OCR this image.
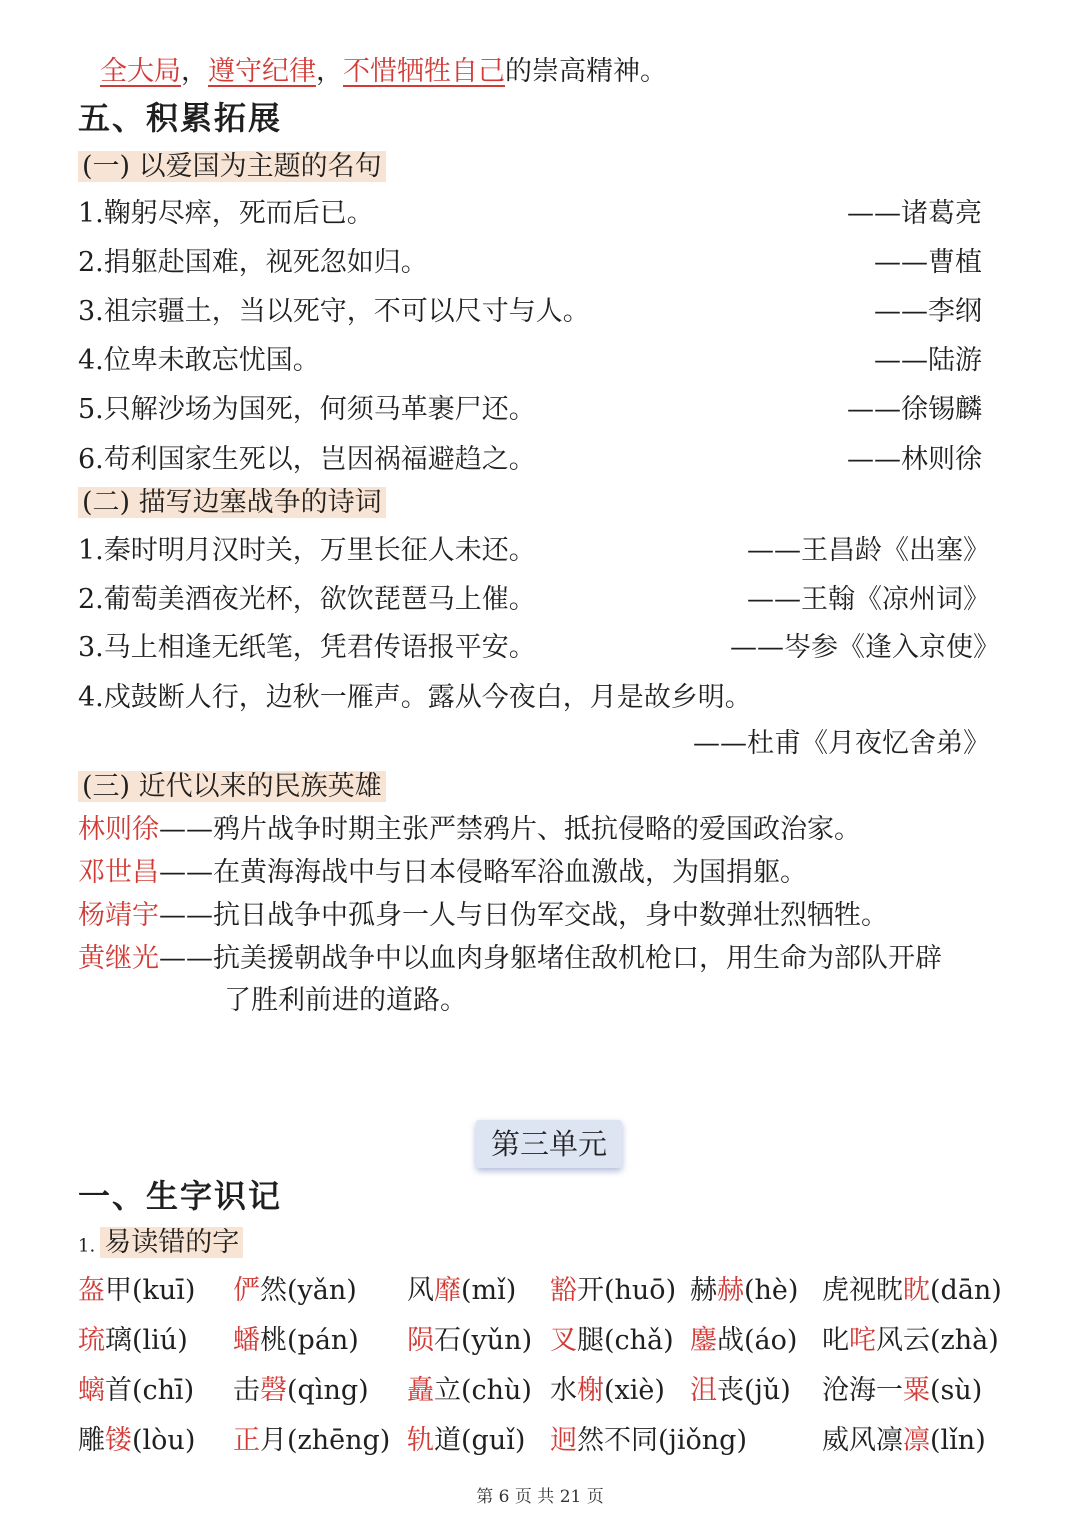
全大局，遵守纪律，不惜牺牲自己的崇高精神。
五、积累拓展
(一) 以爱国为主题的名句
1.鞠躬尽瘁，死而后已。	——诸葛亮
2.捐躯赴国难，视死忽如归。	——曹植
3.祖宗疆土，当以死守，不可以尺寸与人。	——李纲
4.位卑未敢忘忧国。	——陆游
5.只解沙场为国死，何须马革裹尸还。	——徐锡麟
6.苟利国家生死以，岂因祸福避趋之。	——林则徐
(二) 描写边塞战争的诗词
1.秦时明月汉时关，万里长征人未还。	——王昌龄《出塞》
2.葡萄美酒夜光杯，欲饮琵琶马上催。	——王翰《凉州词》
3.马上相逢无纸笔，凭君传语报平安。	——岑参《逢入京使》
4.戍鼓断人行，边秋一雁声。露从今夜白，月是故乡明。
——杜甫《月夜忆舍弟》
(三) 近代以来的民族英雄
林则徐——鸦片战争时期主张严禁鸦片、抵抗侵略的爱国政治家。
邓世昌——在黄海海战中与日本侵略军浴血激战，为国捐躯。
杨靖宇——抗日战争中孤身一人与日伪军交战，身中数弹壮烈牺牲。
黄继光——抗美援朝战争中以血肉身躯堵住敌机枪口，用生命为部队开辟
了胜利前进的道路。
第三单元
一、生字识记
1. 易读错的字
盔甲(kuī) 俨然(yǎn) 风靡(mǐ) 豁开(huō) 赫赫(hè) 虎视眈眈(dān)
琉璃(liú) 蟠桃(pán) 陨石(yǔn) 叉腿(chǎ) 鏖战(áo) 叱咤风云(zhà)
螭首(chī) 击磬(qìng) 矗立(chù) 水榭(xiè) 沮丧(jǔ) 沧海一粟(sù)
雕镂(lòu) 正月(zhēng) 轨道(guǐ) 迥然不同(jiǒng)	威风凛凛(lǐn)
第 6 页 共 21 页
